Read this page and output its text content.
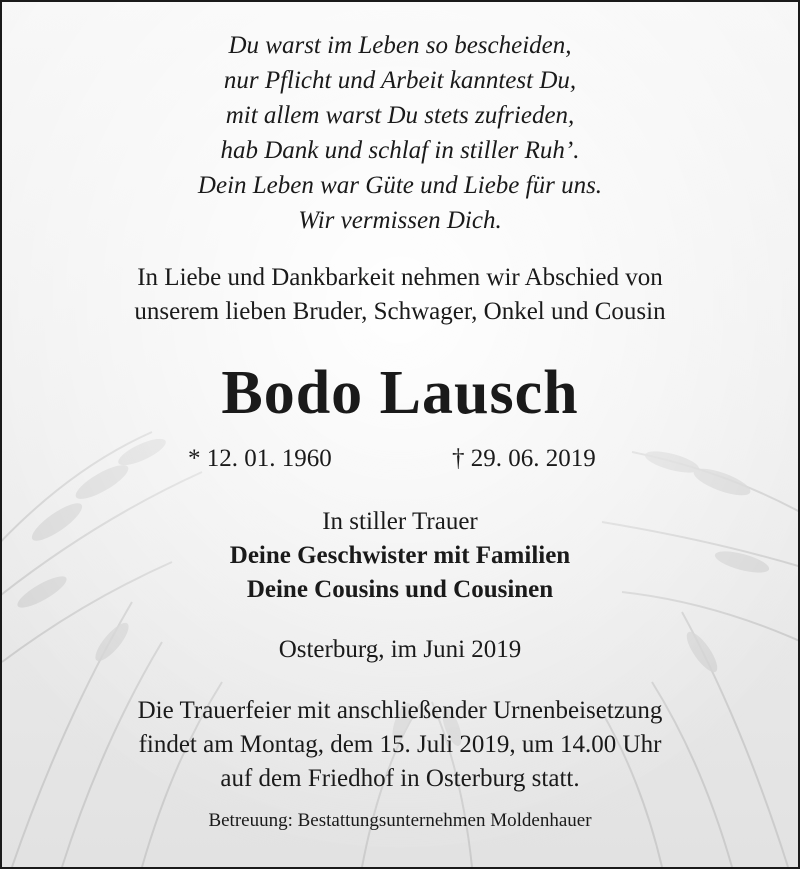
Du warst im Leben so bescheiden,
nur Pflicht und Arbeit kanntest Du,
mit allem warst Du stets zufrieden,
hab Dank und schlaf in stiller Ruh’.
Dein Leben war Güte und Liebe für uns.
Wir vermissen Dich.
In Liebe und Dankbarkeit nehmen wir Abschied von
unserem lieben Bruder, Schwager, Onkel und Cousin
Bodo Lausch
* 12. 01. 1960	† 29. 06. 2019
In stiller Trauer
Deine Geschwister mit Familien
Deine Cousins und Cousinen
Osterburg, im Juni 2019
Die Trauerfeier mit anschließender Urnenbeisetzung
findet am Montag, dem 15. Juli 2019, um 14.00 Uhr
auf dem Friedhof in Osterburg statt.
Betreuung: Bestattungsunternehmen Moldenhauer
